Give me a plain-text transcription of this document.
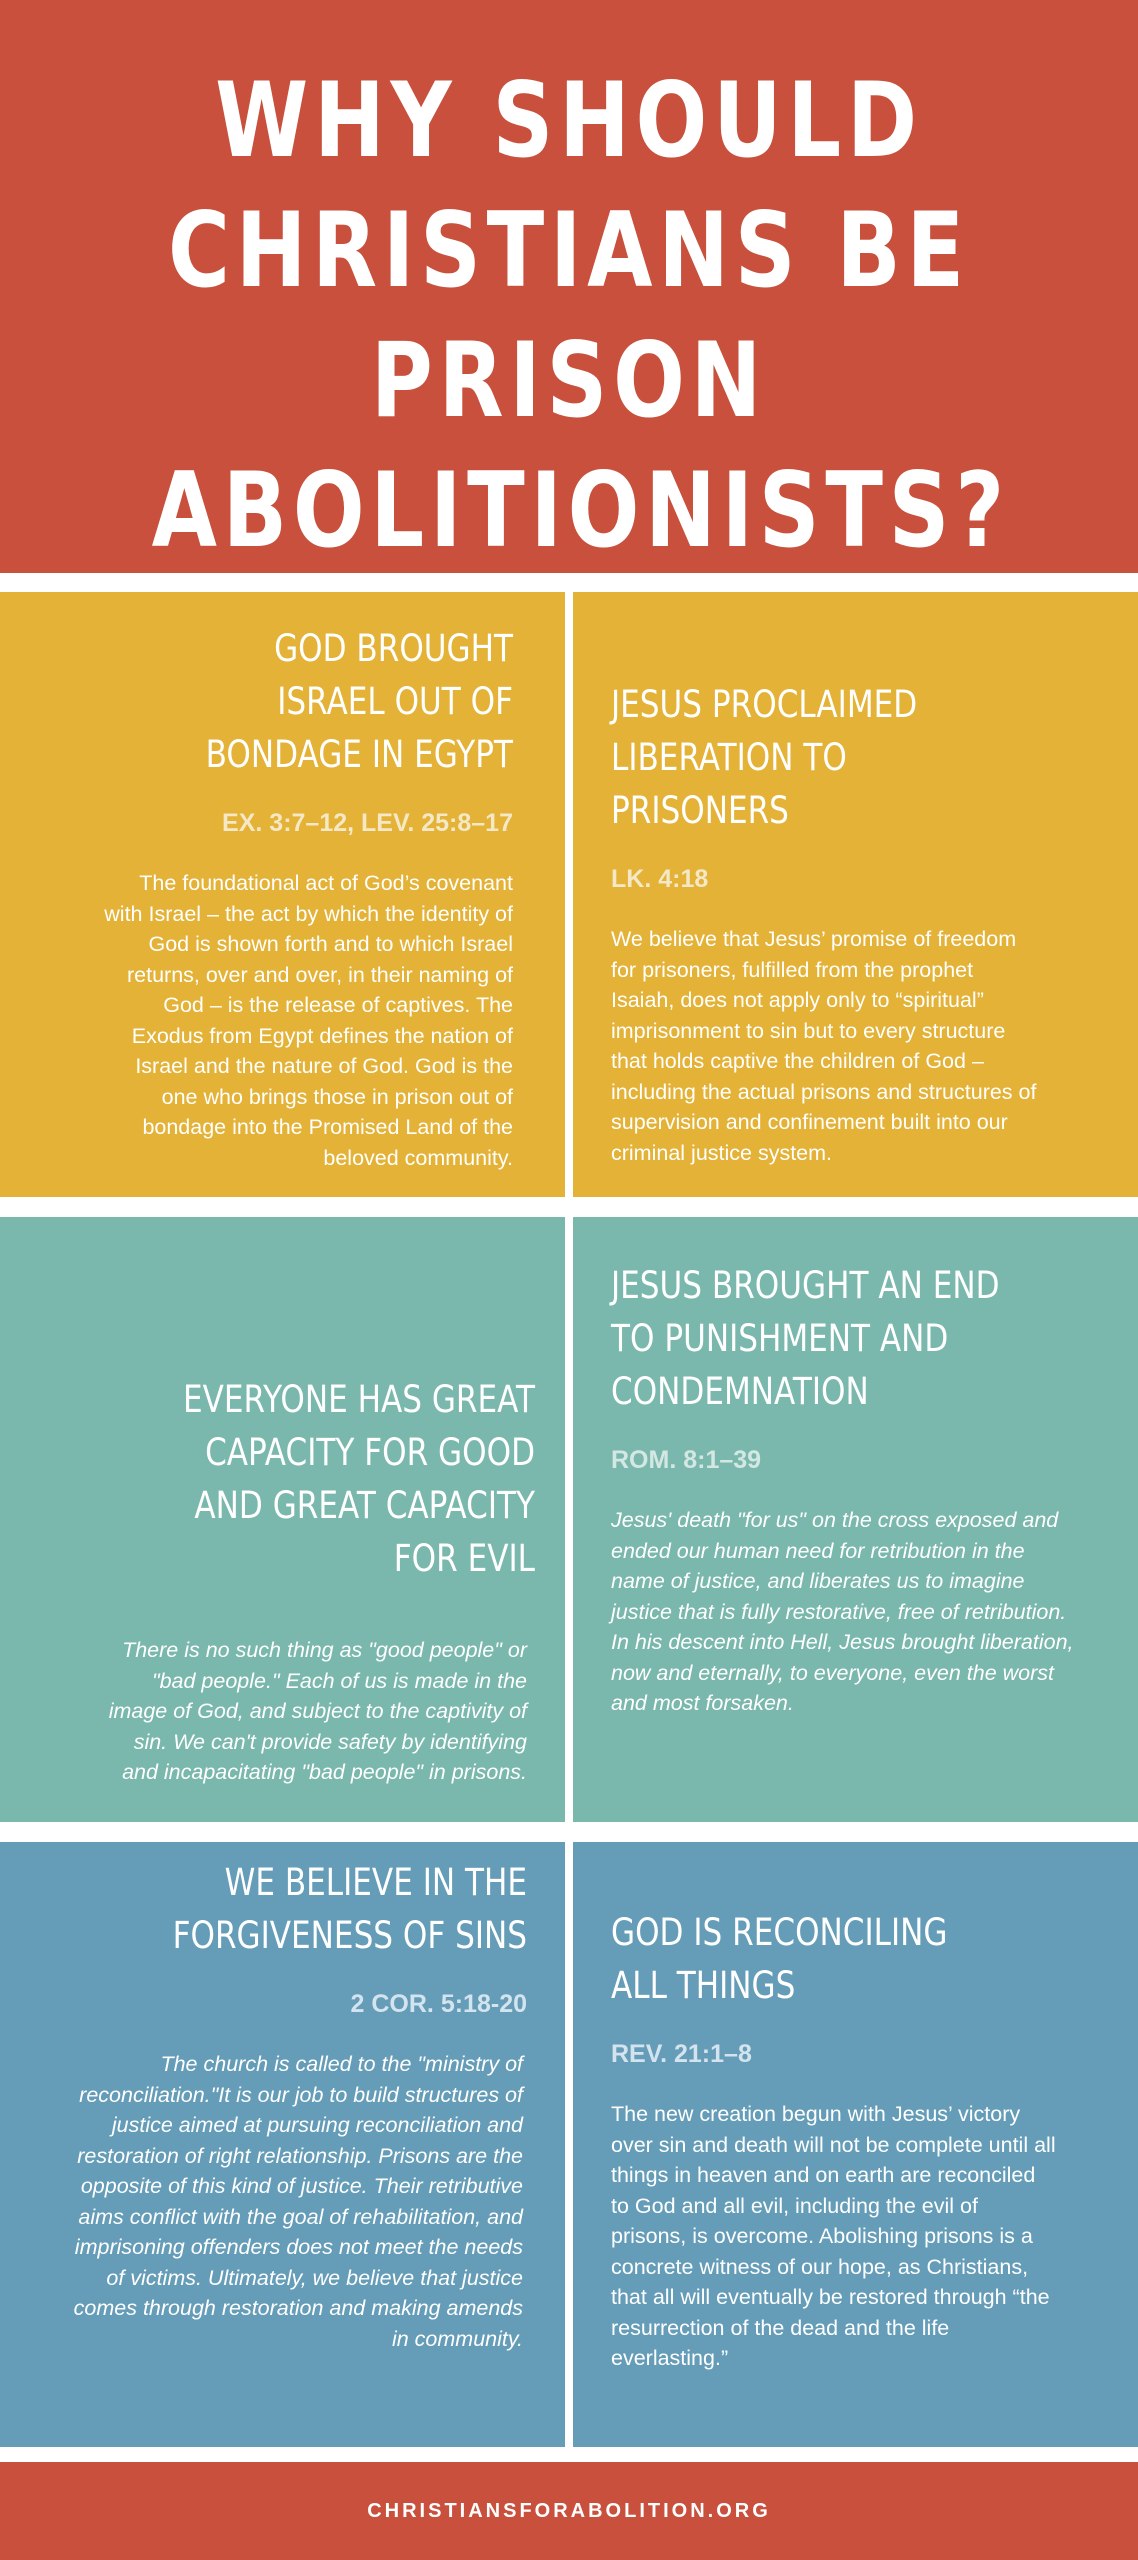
WHY SHOULD CHRISTIANS BE PRISON ABOLITIONISTS?
GOD BROUGHT ISRAEL OUT OF BONDAGE IN EGYPT
EX. 3:7–12, LEV. 25:8–17
The foundational act of God’s covenant with Israel – the act by which the identity of God is shown forth and to which Israel returns, over and over, in their naming of God – is the release of captives. The Exodus from Egypt defines the nation of Israel and the nature of God. God is the one who brings those in prison out of bondage into the Promised Land of the beloved community.
JESUS PROCLAIMED LIBERATION TO PRISONERS
LK. 4:18
We believe that Jesus’ promise of freedom for prisoners, fulfilled from the prophet Isaiah, does not apply only to “spiritual” imprisonment to sin but to every structure that holds captive the children of God – including the actual prisons and structures of supervision and confinement built into our criminal justice system.
EVERYONE HAS GREAT CAPACITY FOR GOOD AND GREAT CAPACITY FOR EVIL
There is no such thing as "good people" or "bad people." Each of us is made in the image of God, and subject to the captivity of sin. We can't provide safety by identifying and incapacitating "bad people" in prisons.
JESUS BROUGHT AN END TO PUNISHMENT AND CONDEMNATION
ROM. 8:1–39
Jesus' death "for us" on the cross exposed and ended our human need for retribution in the name of justice, and liberates us to imagine justice that is fully restorative, free of retribution. In his descent into Hell, Jesus brought liberation, now and eternally, to everyone, even the worst and most forsaken.
WE BELIEVE IN THE FORGIVENESS OF SINS
2 COR. 5:18-20
The church is called to the "ministry of reconciliation."It is our job to build structures of justice aimed at pursuing reconciliation and restoration of right relationship. Prisons are the opposite of this kind of justice. Their retributive aims conflict with the goal of rehabilitation, and imprisoning offenders does not meet the needs of victims. Ultimately, we believe that justice comes through restoration and making amends in community.
GOD IS RECONCILING ALL THINGS
REV. 21:1–8
The new creation begun with Jesus’ victory over sin and death will not be complete until all things in heaven and on earth are reconciled to God and all evil, including the evil of prisons, is overcome. Abolishing prisons is a concrete witness of our hope, as Christians, that all will eventually be restored through “the resurrection of the dead and the life everlasting.”
CHRISTIANSFORABOLITION.ORG
